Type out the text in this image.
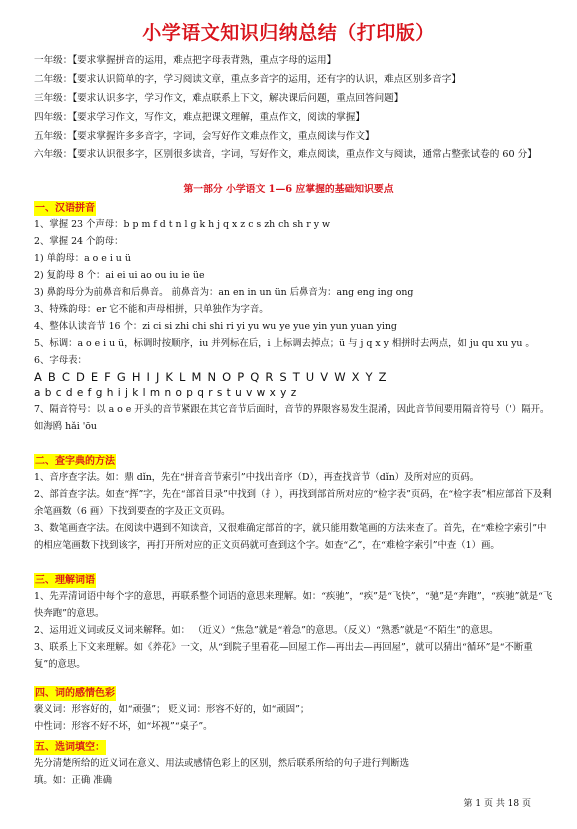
小学语文知识归纳总结（打印版）
一年级：【要求掌握拼音的运用，难点把字母表背熟，重点字母的运用】
二年级：【要求认识简单的字，学习阅读文章，重点多音字的运用，还有字的认识，难点区别多音字】
三年级：【要求认识多字，学习作文，难点联系上下文，解决课后问题，重点回答问题】
四年级：【要求学习作文，写作文，难点把课文理解，重点作文，阅读的掌握】
五年级：【要求掌握许多多音字，字词，会写好作文难点作文，重点阅读与作文】
六年级：【要求认识很多字，区别很多读音，字词，写好作文，难点阅读，重点作文与阅读，通常占整张试卷的 60 分】
第一部分 小学语文 1—6 应掌握的基础知识要点
一、汉语拼音
1、掌握 23 个声母：b p m f d t n l g k h j q x z c s zh ch sh r y w
2、掌握 24 个韵母：
1) 单韵母：a o e i u ü
2) 复韵母 8 个：ai ei ui ao ou iu ie üe
3) 鼻韵母分为前鼻音和后鼻音。 前鼻音为：an en in un ün 后鼻音为：ang eng ing ong
3、特殊韵母：er 它不能和声母相拼，只单独作为字音。
4、整体认读音节 16 个：zi ci si zhi chi shi ri yi yu wu ye yue yin yun yuan ying
5、标调：a o e i u ü，标调时按顺序，iu 并列标在后，i 上标调去掉点；ü 与 j q x y 相拼时去两点，如 ju qu xu yu 。
6、字母表：
A B C D E F G H I J K L M N O P Q R S T U V W X Y Z
a b c d e f g h i j k l m n o p q r s t u v w x y z
7、隔音符号：以 a o e 开头的音节紧跟在其它音节后面时，音节的界限容易发生混淆，因此音节间要用隔音符号（'）隔开。如海鸥 hǎi 'ōu
二、查字典的方法
1、音序查字法。如：鼎 dǐn，先在“拼音音节索引”中找出音序（D），再查找音节（dǐn）及所对应的页码。
2、部首查字法。如查“挥”字，先在“部首目录”中找到（扌），再找到部首所对应的“检字表”页码，在“检字表”相应部首下及剩余笔画数（6 画）下找到要查的字及正文页码。
3、数笔画查字法。在阅读中遇到不知读音，又很难确定部首的字，就只能用数笔画的方法来查了。首先，在“难检字索引”中的相应笔画数下找到该字，再打开所对应的正文页码就可查到这个字。如查“乙”，在“难检字索引”中查（1）画。
三、理解词语
1、先弄清词语中每个字的意思，再联系整个词语的意思来理解。如：“疾驰”，“疾”是“飞快”，“驰”是“奔跑”，“疾驰”就是“飞快奔跑”的意思。
2、运用近义词或反义词来解释。如： （近义）“焦急”就是“着急”的意思。（反义）“熟悉”就是“不陌生”的意思。
3、联系上下文来理解。如《养花》一文，从“到院子里看花—回屋工作—再出去—再回屋”，就可以猜出“循环”是“不断重复”的意思。
四、词的感情色彩
褒义词：形容好的，如“顽强”； 贬义词：形容不好的，如“顽固”；
中性词：形容不好不坏，如“坏视”“桌子”。
五、选词填空：
先分清楚所给的近义词在意义、用法或感情色彩上的区别，然后联系所给的句子进行判断选
填。如：正确 准确
第 1 页 共 18 页
